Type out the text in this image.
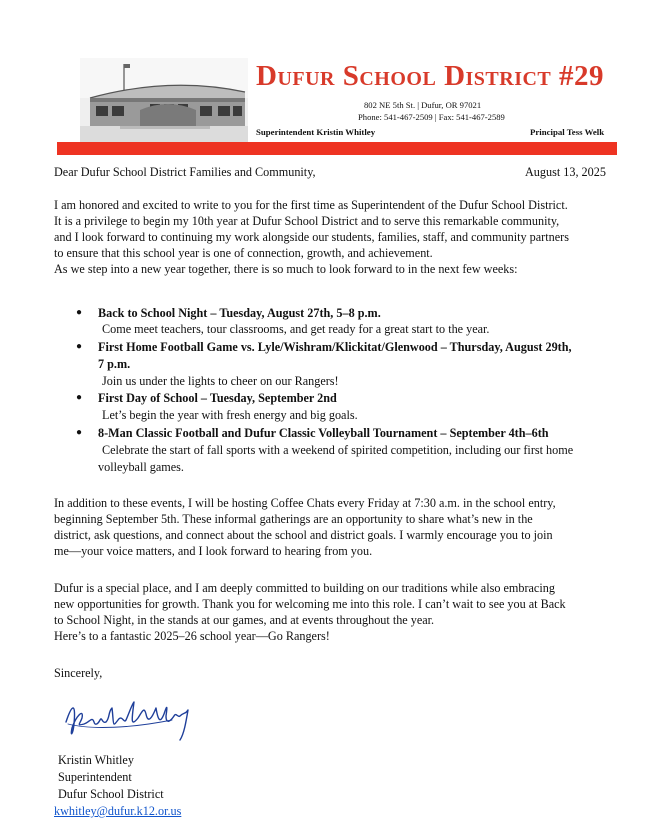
Dufur School District #29
802 NE 5th St. | Dufur, OR 97021
Phone: 541-467-2509 | Fax: 541-467-2589
Superintendent Kristin Whitley	Principal Tess Welk
Dear Dufur School District Families and Community,	August 13, 2025
I am honored and excited to write to you for the first time as Superintendent of the Dufur School District.
It is a privilege to begin my 10th year at Dufur School District and to serve this remarkable community,
and I look forward to continuing my work alongside our students, families, staff, and community partners
to ensure that this school year is one of connection, growth, and achievement.
As we step into a new year together, there is so much to look forward to in the next few weeks:
● Back to School Night – Tuesday, August 27th, 5–8 p.m.
Come meet teachers, tour classrooms, and get ready for a great start to the year.
● First Home Football Game vs. Lyle/Wishram/Klickitat/Glenwood – Thursday, August 29th,
7 p.m.
Join us under the lights to cheer on our Rangers!
● First Day of School – Tuesday, September 2nd
Let’s begin the year with fresh energy and big goals.
● 8-Man Classic Football and Dufur Classic Volleyball Tournament – September 4th–6th
Celebrate the start of fall sports with a weekend of spirited competition, including our first home
volleyball games.
In addition to these events, I will be hosting Coffee Chats every Friday at 7:30 a.m. in the school entry,
beginning September 5th. These informal gatherings are an opportunity to share what’s new in the
district, ask questions, and connect about the school and district goals. I warmly encourage you to join
me—your voice matters, and I look forward to hearing from you.
Dufur is a special place, and I am deeply committed to building on our traditions while also embracing
new opportunities for growth. Thank you for welcoming me into this role. I can’t wait to see you at Back
to School Night, in the stands at our games, and at events throughout the year.
Here’s to a fantastic 2025–26 school year—Go Rangers!
Sincerely,
Kristin Whitley
Superintendent
Dufur School District
kwhitley@dufur.k12.or.us
